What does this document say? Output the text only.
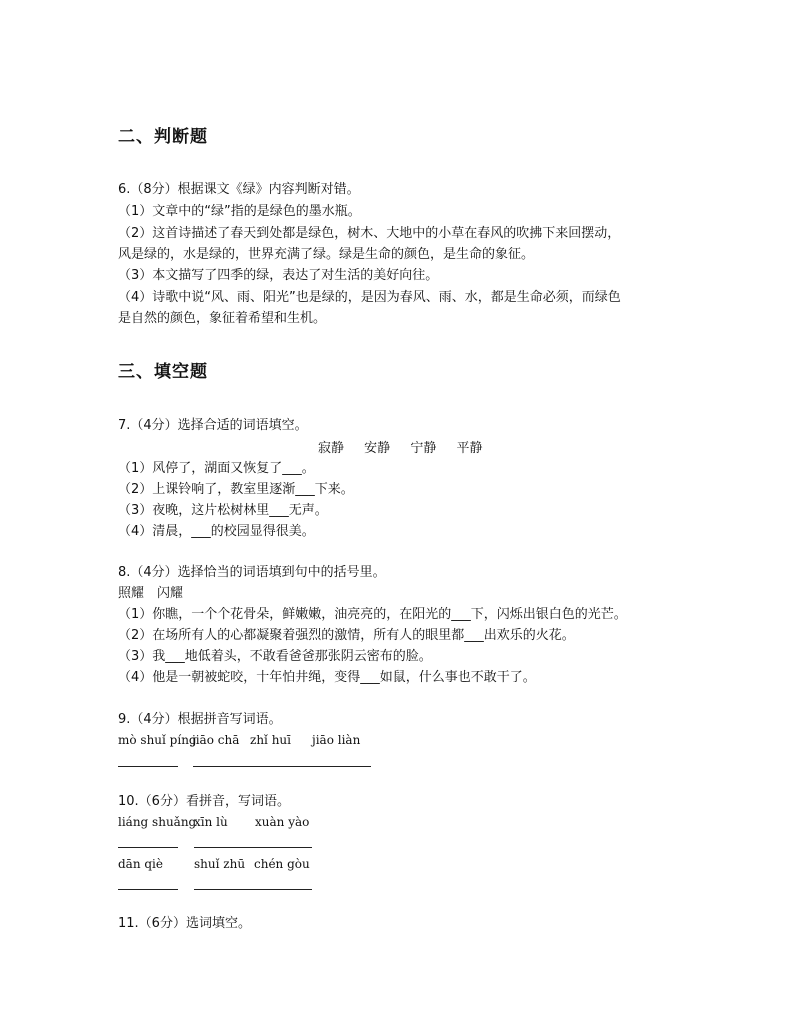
二、判断题
6.（8分）根据课文《绿》内容判断对错。
（1）文章中的“绿”指的是绿色的墨水瓶。
（2）这首诗描述了春天到处都是绿色，树木、大地中的小草在春风的吹拂下来回摆动，
风是绿的，水是绿的，世界充满了绿。绿是生命的颜色，是生命的象征。
（3）本文描写了四季的绿，表达了对生活的美好向往。
（4）诗歌中说“风、雨、阳光”也是绿的，是因为春风、雨、水，都是生命必须，而绿色
是自然的颜色，象征着希望和生机。
三、填空题
7.（4分）选择合适的词语填空。
寂静 安静 宁静 平静
（1）风停了，湖面又恢复了___。
（2）上课铃响了，教室里逐渐___下来。
（3）夜晚，这片松树林里___无声。
（4）清晨，___的校园显得很美。
8.（4分）选择恰当的词语填到句中的括号里。
照耀　闪耀
（1）你瞧，一个个花骨朵，鲜嫩嫩，油亮亮的，在阳光的___下，闪烁出银白色的光芒。
（2）在场所有人的心都凝聚着强烈的激情，所有人的眼里都___出欢乐的火花。
（3）我___地低着头，不敢看爸爸那张阴云密布的脸。
（4）他是一朝被蛇咬，十年怕井绳，变得___如鼠，什么事也不敢干了。
9.（4分）根据拼音写词语。
mò shuǐ píng
jiāo chā zhǐ huī jiāo liàn
10.（6分）看拼音，写词语。
liáng shuǎng
xīn lù xuàn yào
dān qiè	shuǐ zhū chén gòu
11.（6分）选词填空。
